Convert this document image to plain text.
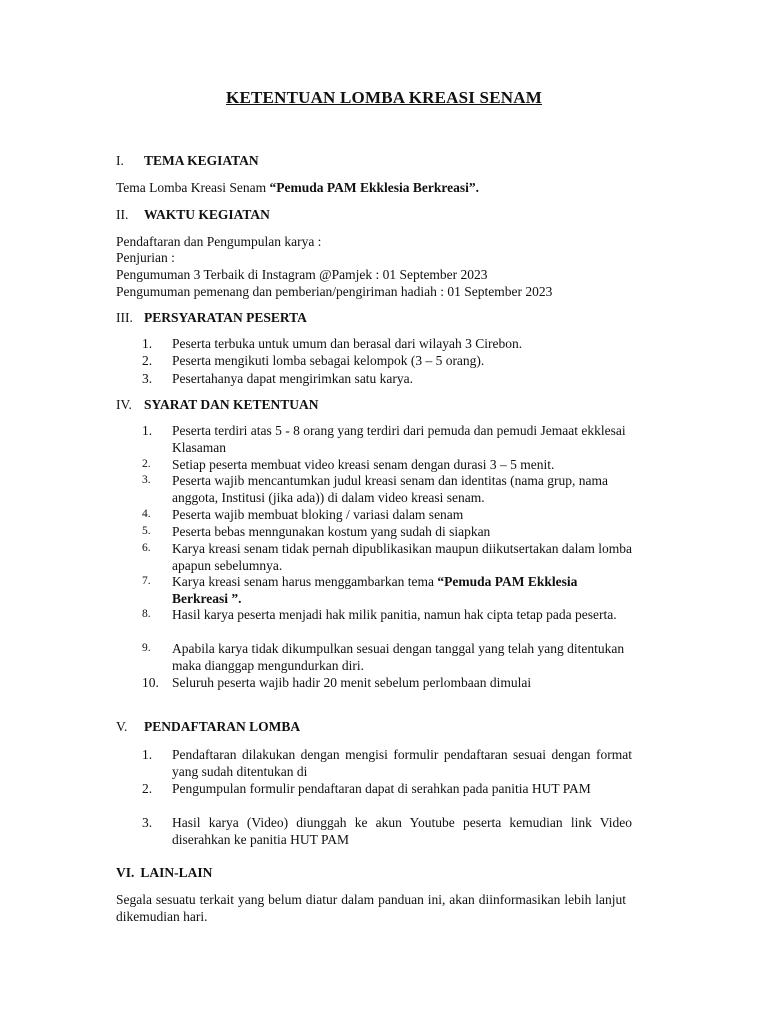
KETENTUAN LOMBA KREASI SENAM
I. TEMA KEGIATAN
Tema Lomba Kreasi Senam “Pemuda PAM Ekklesia Berkreasi”.
II. WAKTU KEGIATAN
Pendaftaran dan Pengumpulan karya :
Penjurian :
Pengumuman 3 Terbaik di Instagram @Pamjek : 01 September 2023
Pengumuman pemenang dan pemberian/pengiriman hadiah : 01 September 2023
III. PERSYARATAN PESERTA
1.	Peserta terbuka untuk umum dan berasal dari wilayah 3 Cirebon.
2.	Peserta mengikuti lomba sebagai kelompok (3 – 5 orang).
3.	Pesertahanya dapat mengirimkan satu karya.
IV. SYARAT DAN KETENTUAN
1.	Peserta terdiri atas 5 - 8 orang yang terdiri dari pemuda dan pemudi Jemaat ekklesai Klasaman
2.	Setiap peserta membuat video kreasi senam dengan durasi 3 – 5 menit.
3.	Peserta wajib mencantumkan judul kreasi senam dan identitas (nama grup, nama anggota, Institusi (jika ada)) di dalam video kreasi senam.
4.	Peserta wajib membuat bloking / variasi dalam senam
5.	Peserta bebas menngunakan kostum yang sudah di siapkan
6.	Karya kreasi senam tidak pernah dipublikasikan maupun diikutsertakan dalam lomba apapun sebelumnya.
7.	Karya kreasi senam harus menggambarkan tema “Pemuda PAM Ekklesia Berkreasi ”.
8.	Hasil karya peserta menjadi hak milik panitia, namun hak cipta tetap pada peserta.
9.	Apabila karya tidak dikumpulkan sesuai dengan tanggal yang telah yang ditentukan maka dianggap mengundurkan diri.
10. Seluruh peserta wajib hadir 20 menit sebelum perlombaan dimulai
V. PENDAFTARAN LOMBA
1.	Pendaftaran dilakukan dengan mengisi formulir pendaftaran sesuai dengan format yang sudah ditentukan di
2.	Pengumpulan formulir pendaftaran dapat di serahkan pada panitia HUT PAM
3.	Hasil karya (Video) diunggah ke akun Youtube peserta kemudian link Video diserahkan ke panitia HUT PAM
VI. LAIN-LAIN
Segala sesuatu terkait yang belum diatur dalam panduan ini, akan diinformasikan lebih lanjut dikemudian hari.
